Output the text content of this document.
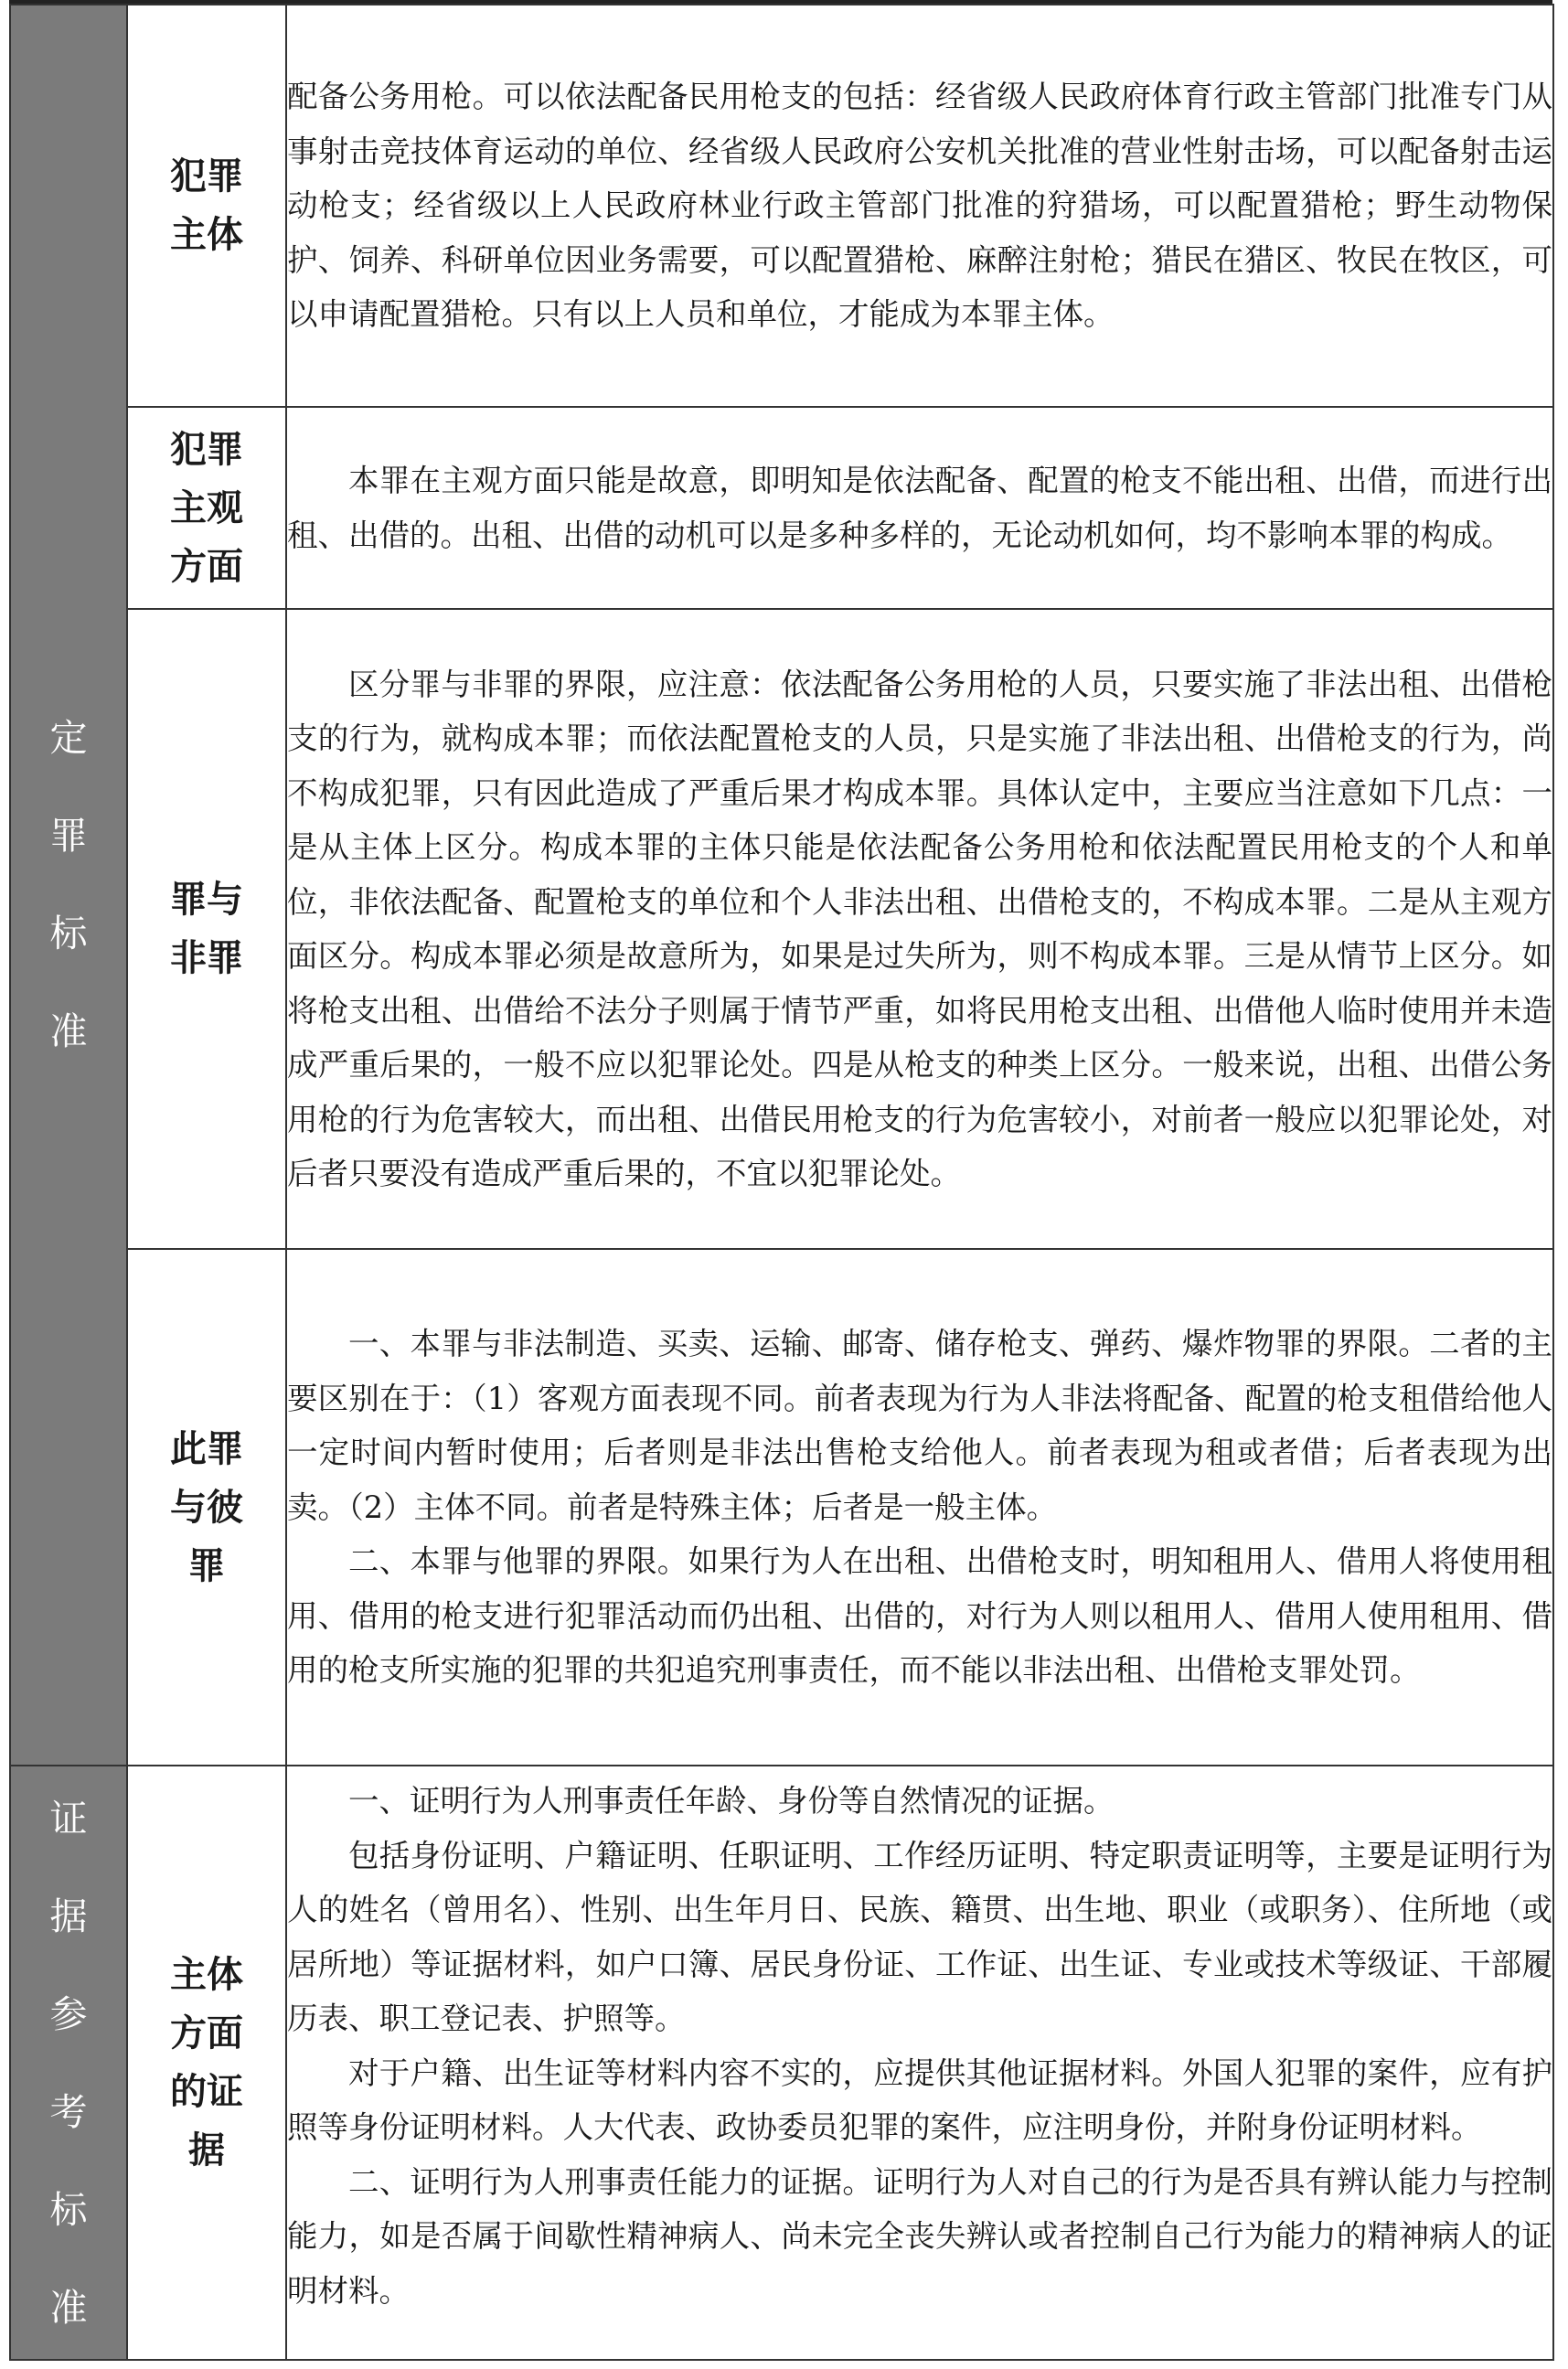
定罪标准	犯罪主体	配备公务用枪。可以依法配备民用枪支的包括：经省级人民政府体育行政主管部门批准专门从事射击竞技体育运动的单位、经省级人民政府公安机关批准的营业性射击场，可以配备射击运动枪支；经省级以上人民政府林业行政主管部门批准的狩猎场，可以配置猎枪；野生动物保护、饲养、科研单位因业务需要，可以配置猎枪、麻醉注射枪；猎民在猎区、牧民在牧区，可以申请配置猎枪。只有以上人员和单位，才能成为本罪主体。

	犯罪主观方面	本罪在主观方面只能是故意，即明知是依法配备、配置的枪支不能出租、出借，而进行出租、出借的。出租、出借的动机可以是多种多样的，无论动机如何，均不影响本罪的构成。

	罪与非罪	区分罪与非罪的界限，应注意：依法配备公务用枪的人员，只要实施了非法出租、出借枪支的行为，就构成本罪；而依法配置枪支的人员，只是实施了非法出租、出借枪支的行为，尚不构成犯罪，只有因此造成了严重后果才构成本罪。具体认定中，主要应当注意如下几点：一是从主体上区分。构成本罪的主体只能是依法配备公务用枪和依法配置民用枪支的个人和单位，非依法配备、配置枪支的单位和个人非法出租、出借枪支的，不构成本罪。二是从主观方面区分。构成本罪必须是故意所为，如果是过失所为，则不构成本罪。三是从情节上区分。如将枪支出租、出借给不法分子则属于情节严重，如将民用枪支出租、出借他人临时使用并未造成严重后果的，一般不应以犯罪论处。四是从枪支的种类上区分。一般来说，出租、出借公务用枪的行为危害较大，而出租、出借民用枪支的行为危害较小，对前者一般应以犯罪论处，对后者只要没有造成严重后果的，不宜以犯罪论处。

	此罪与彼罪	一、本罪与非法制造、买卖、运输、邮寄、储存枪支、弹药、爆炸物罪的界限。二者的主要区别在于：（1）客观方面表现不同。前者表现为行为人非法将配备、配置的枪支租借给他人一定时间内暂时使用；后者则是非法出售枪支给他人。前者表现为租或者借；后者表现为出卖。（2）主体不同。前者是特殊主体；后者是一般主体。

二、本罪与他罪的界限。如果行为人在出租、出借枪支时，明知租用人、借用人将使用租用、借用的枪支进行犯罪活动而仍出租、出借的，对行为人则以租用人、借用人使用租用、借用的枪支所实施的犯罪的共犯追究刑事责任，而不能以非法出租、出借枪支罪处罚。

证据参考标准	主体方面的证据	一、证明行为人刑事责任年龄、身份等自然情况的证据。

包括身份证明、户籍证明、任职证明、工作经历证明、特定职责证明等，主要是证明行为人的姓名（曾用名）、性别、出生年月日、民族、籍贯、出生地、职业（或职务）、住所地（或居所地）等证据材料，如户口簿、居民身份证、工作证、出生证、专业或技术等级证、干部履历表、职工登记表、护照等。

对于户籍、出生证等材料内容不实的，应提供其他证据材料。外国人犯罪的案件，应有护照等身份证明材料。人大代表、政协委员犯罪的案件，应注明身份，并附身份证明材料。

二、证明行为人刑事责任能力的证据。证明行为人对自己的行为是否具有辨认能力与控制能力，如是否属于间歇性精神病人、尚未完全丧失辨认或者控制自己行为能力的精神病人的证明材料。
